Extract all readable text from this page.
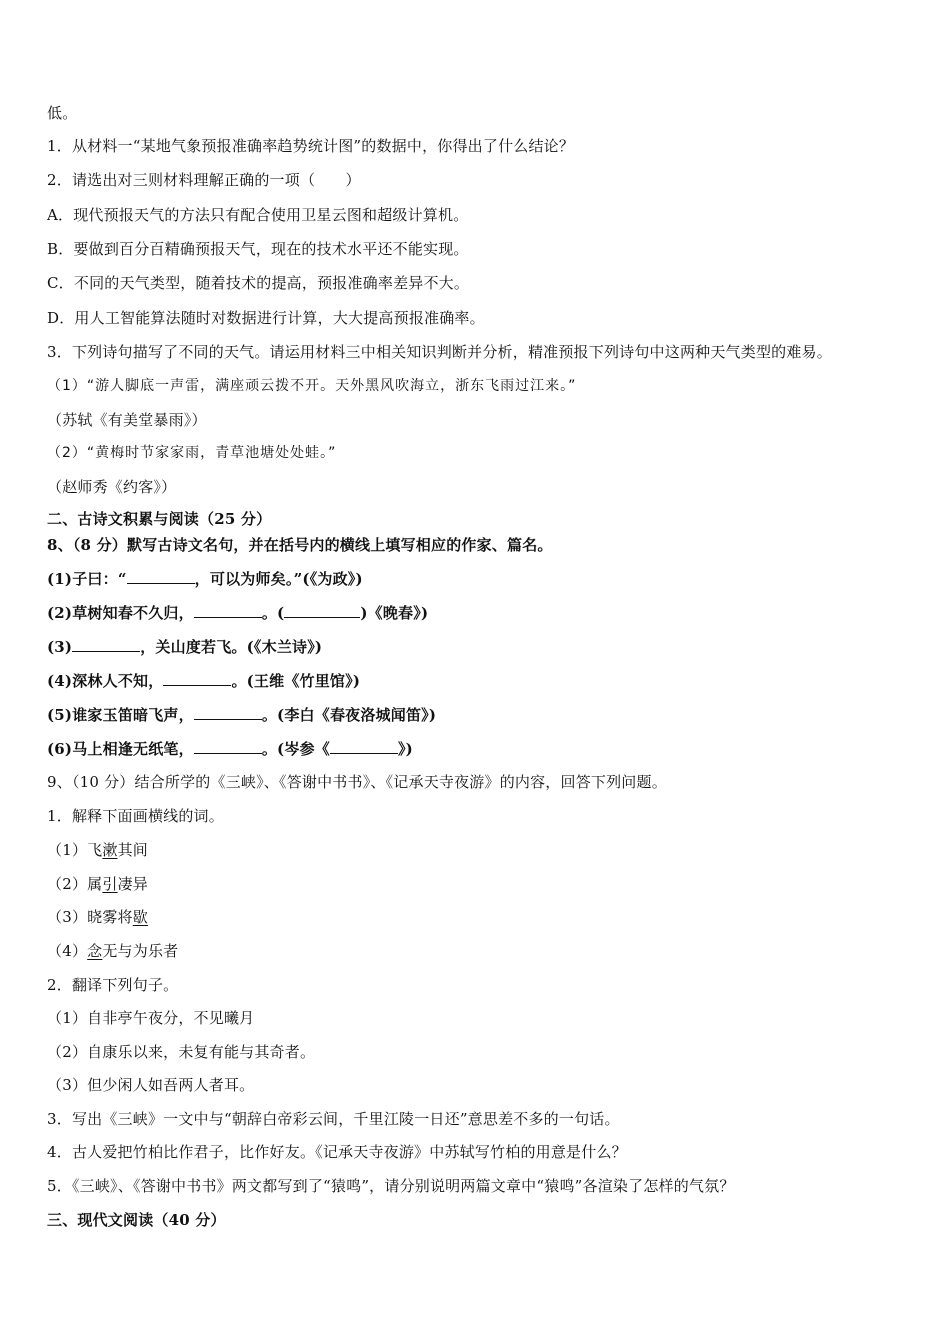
低。
1．从材料一“某地气象预报准确率趋势统计图”的数据中，你得出了什么结论？
2．请选出对三则材料理解正确的一项（　　）
A．现代预报天气的方法只有配合使用卫星云图和超级计算机。
B．要做到百分百精确预报天气，现在的技术水平还不能实现。
C．不同的天气类型，随着技术的提高，预报准确率差异不大。
D．用人工智能算法随时对数据进行计算，大大提高预报准确率。
3．下列诗句描写了不同的天气。请运用材料三中相关知识判断并分析，精准预报下列诗句中这两种天气类型的难易。
（1）“游人脚底一声雷，满座顽云拨不开。天外黑风吹海立，浙东飞雨过江来。”
（苏轼《有美堂暴雨》）
（2）“黄梅时节家家雨，青草池塘处处蛙。”
（赵师秀《约客》）
二、古诗文积累与阅读（25 分）
8、（8 分）默写古诗文名句，并在括号内的横线上填写相应的作家、篇名。
(1)子曰：“	，可以为师矣。”(《为政》)
(2)草树知春不久归，	。(	)《晚春》)
(3)	，关山度若飞。(《木兰诗》)
(4)深林人不知，	。(王维《竹里馆》)
(5)谁家玉笛暗飞声，	。(李白《春夜洛城闻笛》)
(6)马上相逢无纸笔，	。(岑参《	》)
9、（10 分）结合所学的《三峡》、《答谢中书书》、《记承天寺夜游》的内容，回答下列问题。
1．解释下面画横线的词。
（1）飞漱其间
（2）属引凄异
（3）晓雾将歇
（4）念无与为乐者
2．翻译下列句子。
（1）自非亭午夜分，不见曦月
（2）自康乐以来，未复有能与其奇者。
（3）但少闲人如吾两人者耳。
3．写出《三峡》一文中与“朝辞白帝彩云间，千里江陵一日还”意思差不多的一句话。
4．古人爱把竹柏比作君子，比作好友。《记承天寺夜游》中苏轼写竹柏的用意是什么？
5．《三峡》、《答谢中书书》两文都写到了“猿鸣”，请分别说明两篇文章中“猿鸣”各渲染了怎样的气氛？
三、现代文阅读（40 分）
